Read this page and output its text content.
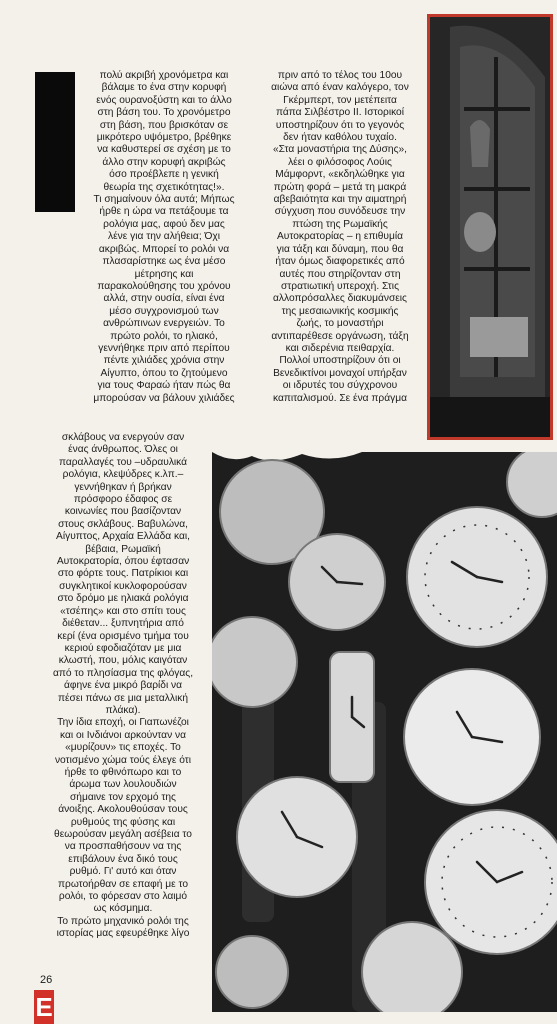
πολύ ακριβή χρονόμετρα και
βάλαμε το ένα στην κορυφή
ενός ουρανοξύστη και το άλλο
στη βάση του. Το χρονόμετρο
στη βάση, που βρισκόταν σε
μικρότερο υψόμετρο, βρέθηκε
να καθυστερεί σε σχέση με το
άλλο στην κορυφή ακριβώς
όσο προέβλεπε η γενική
θεωρία της σχετικότητας!».
Τι σημαίνουν όλα αυτά; Μήπως
ήρθε η ώρα να πετάξουμε τα
ρολόγια μας, αφού δεν μας
λένε για την αλήθεια; Όχι
ακριβώς. Μπορεί το ρολόι να
πλασαρίστηκε ως ένα μέσο
μέτρησης και
παρακολούθησης του χρόνου
αλλά, στην ουσία, είναι ένα
μέσο συγχρονισμού των
ανθρώπινων ενεργειών. Το
πρώτο ρολόι, το ηλιακό,
γεννήθηκε πριν από περίπου
πέντε χιλιάδες χρόνια στην
Αίγυπτο, όπου το ζητούμενο
για τους Φαραώ ήταν πώς θα
μπορούσαν να βάλουν χιλιάδες
πριν από το τέλος του 10ου
αιώνα από έναν καλόγερο, τον
Γκέρμπερτ, τον μετέπειτα
πάπα Σιλβέστρο ΙΙ. Ιστορικοί
υποστηρίζουν ότι το γεγονός
δεν ήταν καθόλου τυχαίο.
«Στα μοναστήρια της Δύσης»,
λέει ο φιλόσοφος Λούις
Μάμφορντ, «εκδηλώθηκε για
πρώτη φορά – μετά τη μακρά
αβεβαιότητα και την αιματηρή
σύγχυση που συνόδευσε την
πτώση της Ρωμαϊκής
Αυτοκρατορίας – η επιθυμία
για τάξη και δύναμη, που θα
ήταν όμως διαφορετικές από
αυτές που στηρίζονταν στη
στρατιωτική υπεροχή. Στις
αλλοπρόσαλλες διακυμάνσεις
της μεσαιωνικής κοσμικής
ζωής, το μοναστήρι
αντιπαρέθεσε οργάνωση, τάξη
και σιδερένια πειθαρχία.
Πολλοί υποστηρίζουν ότι οι
Βενεδικτίνοι μοναχοί υπήρξαν
οι ιδρυτές του σύγχρονου
καπιταλισμού. Σε ένα πράγμα
σκλάβους να ενεργούν σαν
ένας άνθρωπος. Όλες οι
παραλλαγές του –υδραυλικά
ρολόγια, κλεψύδρες κ.λπ.–
γεννήθηκαν ή βρήκαν
πρόσφορο έδαφος σε
κοινωνίες που βασίζονταν
στους σκλάβους. Βαβυλώνα,
Αίγυπτος, Αρχαία Ελλάδα και,
βέβαια, Ρωμαϊκή
Αυτοκρατορία, όπου έφτασαν
στο φόρτε τους. Πατρίκιοι και
συγκλητικοί κυκλοφορούσαν
στο δρόμο με ηλιακά ρολόγια
«τσέπης» και στο σπίτι τους
διέθεταν... ξυπνητήρια από
κερί (ένα ορισμένο τμήμα του
κεριού εφοδιαζόταν με μια
κλωστή, που, μόλις καιγόταν
από το πλησίασμα της φλόγας,
άφηνε ένα μικρό βαρίδι να
πέσει πάνω σε μια μεταλλική
πλάκα).
Την ίδια εποχή, οι Γιαπωνέζοι
και οι Ινδιάνοι αρκούνταν να
«μυρίζουν» τις εποχές. Το
νοτισμένο χώμα τούς έλεγε ότι
ήρθε το φθινόπωρο και το
άρωμα των λουλουδιών
σήμαινε τον ερχομό της
άνοιξης. Ακολουθούσαν τους
ρυθμούς της φύσης και
θεωρούσαν μεγάλη ασέβεια το
να προσπαθήσουν να της
επιβάλουν ένα δικό τους
ρυθμό. Γι' αυτό και όταν
πρωτοήρθαν σε επαφή με το
ρολόι, το φόρεσαν στο λαιμό
ως κόσμημα.
Το πρώτο μηχανικό ρολόι της
ιστορίας μας εφευρέθηκε λίγο
26
E
